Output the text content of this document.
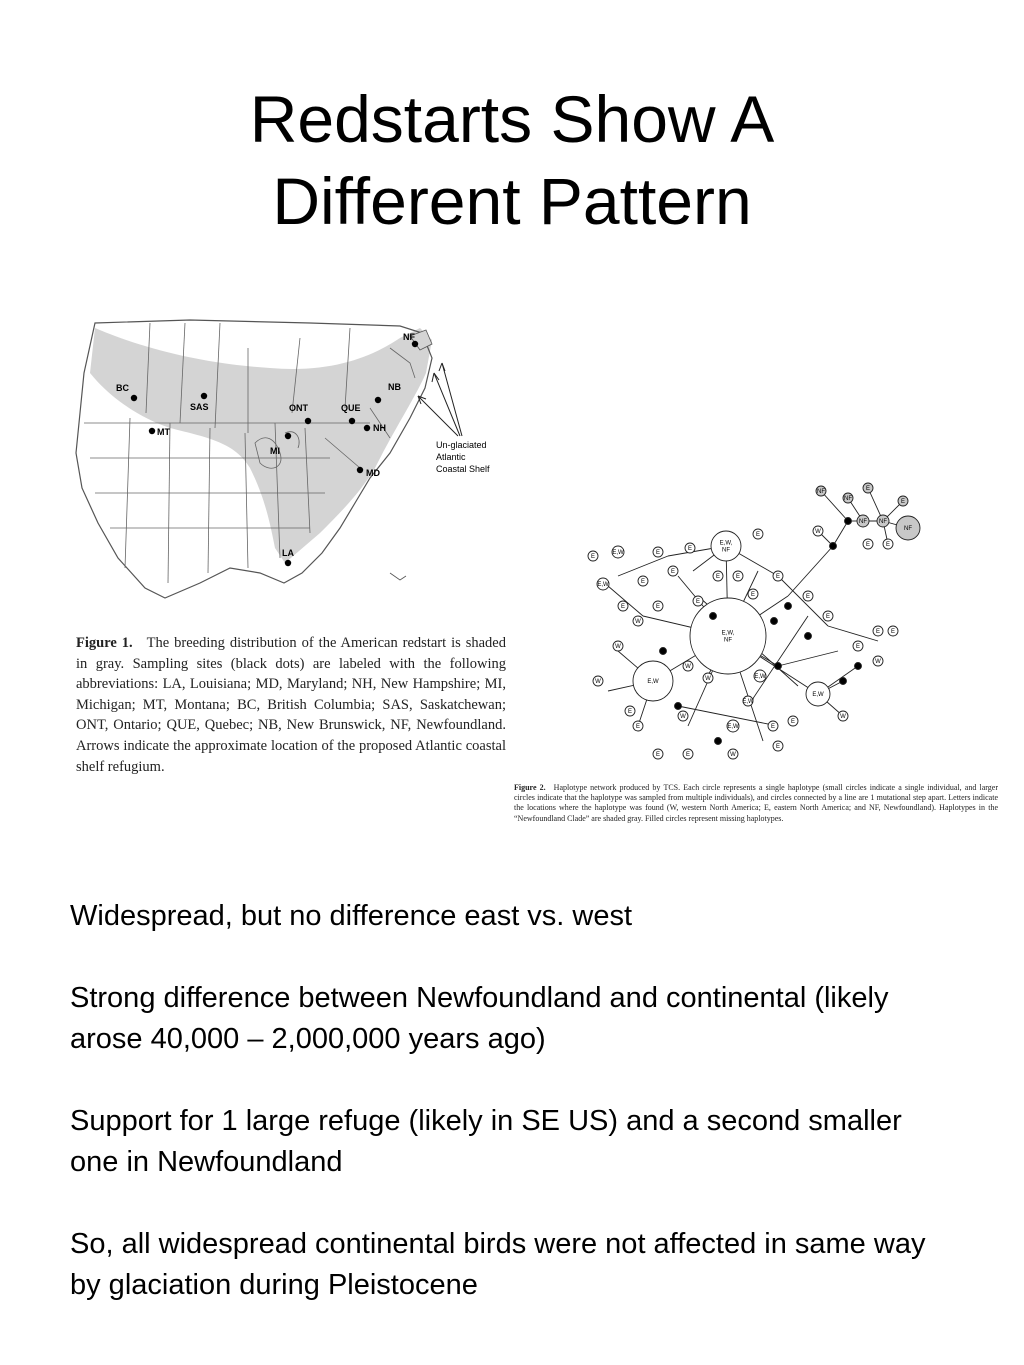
Redstarts Show A
Different Pattern
NF
BC
SAS	ONT	QUE
NB
NH
MT
MI
MD
LA
Un-glaciated
Atlantic
Coastal Shelf
Figure 1. The breeding distribution of the American redstart is shaded in gray. Sampling sites (black dots) are labeled with the following abbreviations: LA, Louisiana; MD, Maryland; NH, New Hampshire; MI, Michigan; MT, Montana; BC, British Columbia; SAS, Saskatchewan; ONT, Ontario; QUE, Quebec; NB, New Brunswick, NF, Newfoundland. Arrows indicate the approximate location of the proposed Atlantic coastal shelf refugium.
E,W,
NF
E,W,
NF
E,W
E,W
NF
NF
NF
E
E
NF NF
E
W
E
E,W
E
E
E
E
E,W	E
E
E	E	E
E
E	E
W
E
E
E
E E
E
W
W
W
W
W	E,W
E,W
E
E
W
E,W	E
E
W
E	E	W
E
Figure 2. Haplotype network produced by TCS. Each circle represents a single haplotype (small circles indicate a single individual, and larger circles indicate that the haplotype was sampled from multiple individuals), and circles connected by a line are 1 mutational step apart. Letters indicate the locations where the haplotype was found (W, western North America; E, eastern North America; and NF, Newfoundland). Haplotypes in the “Newfoundland Clade” are shaded gray. Filled circles represent missing haplotypes.

Widespread, but no difference east vs. west

Strong difference between Newfoundland and continental (likely arose 40,000 – 2,000,000 years ago)

Support for 1 large refuge (likely in SE US) and a second smaller one in Newfoundland

So, all widespread continental birds were not affected in same way by glaciation during Pleistocene
